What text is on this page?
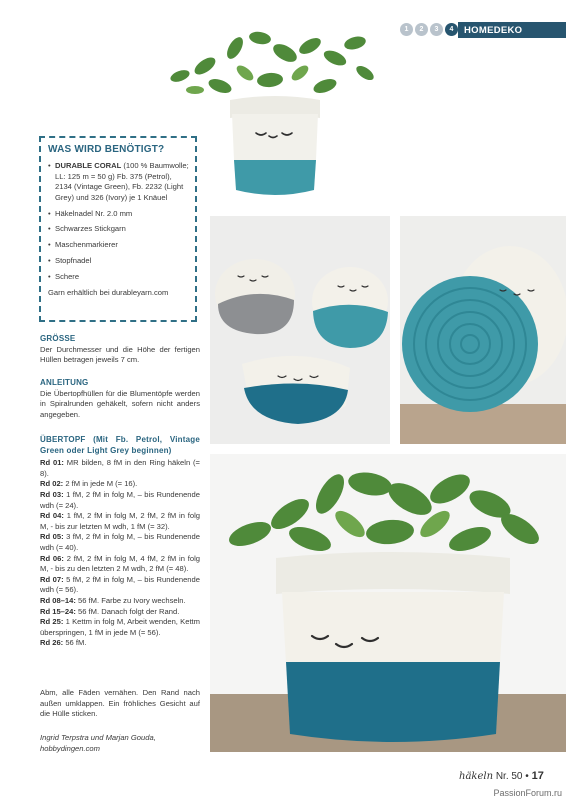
1	2	3	4	HOMEDEKO
WAS WIRD BENÖTIGT?
• DURABLE CORAL (100 % Baumwolle; LL: 125 m = 50 g) Fb. 375 (Petrol), 2134 (Vintage Green), Fb. 2232 (Light Grey) und 326 (Ivory) je 1 Knäuel
• Häkelnadel Nr. 2.0 mm
• Schwarzes Stickgarn
• Maschenmarkierer
• Stopfnadel
• Schere
Garn erhältlich bei durableyarn.com
GRÖSSE
Der Durchmesser und die Höhe der fertigen Hüllen betragen jeweils 7 cm.
ANLEITUNG
Die Übertopfhüllen für die Blumentöpfe werden in Spiralrunden gehäkelt, sofern nicht anders angegeben.
ÜBERTOPF (Mit Fb. Petrol, Vintage Green oder Light Grey beginnen)
Rd 01: MR bilden, 8 fM in den Ring häkeln (= 8).
Rd 02: 2 fM in jede M (= 16).
Rd 03: 1 fM, 2 fM in folg M, – bis Rundenende wdh (= 24).
Rd 04: 1 fM, 2 fM in folg M, 2 fM, 2 fM in folg M, - bis zur letzten M wdh, 1 fM (= 32).
Rd 05: 3 fM, 2 fM in folg M, – bis Rundenende wdh (= 40).
Rd 06: 2 fM, 2 fM in folg M, 4 fM, 2 fM in folg M, - bis zu den letzten 2 M wdh, 2 fM (= 48).
Rd 07: 5 fM, 2 fM in folg M, – bis Rundenende wdh (= 56).
Rd 08–14: 56 fM. Farbe zu Ivory wechseln.
Rd 15–24: 56 fM. Danach folgt der Rand.
Rd 25: 1 Kettm in folg M, Arbeit wenden, Kettm überspringen, 1 fM in jede M (= 56).
Rd 26: 56 fM.
Abm, alle Fäden vernähen. Den Rand nach außen umklappen. Ein fröhliches Gesicht auf die Hülle sticken.
Ingrid Terpstra und Marjan Gouda, hobbydingen.com
häkeln Nr. 50 • 17
PassionForum.ru
